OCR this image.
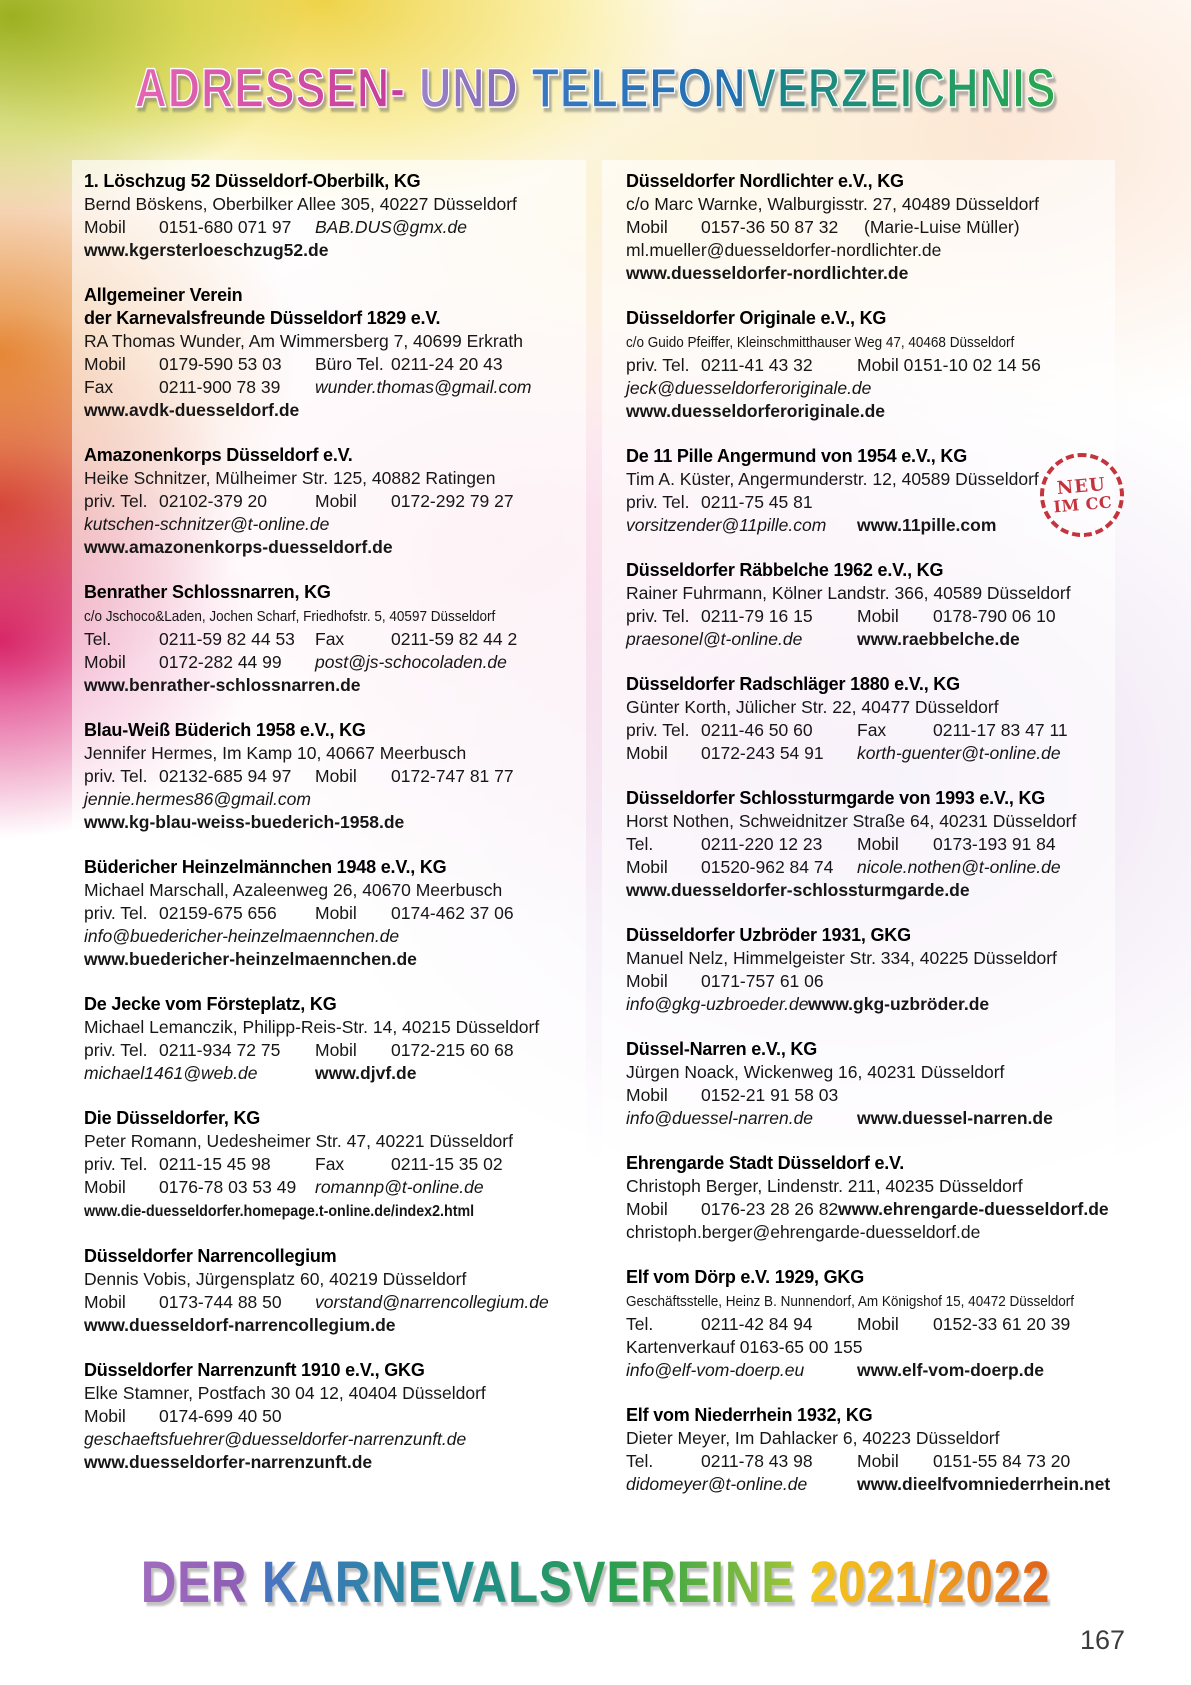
ADRESSEN- UND TELEFONVERZEICHNIS
1. Löschzug 52 Düsseldorf-Oberbilk, KG
Bernd Böskens, Oberbilker Allee 305, 40227 Düsseldorf
Mobil 0151-680 071 97 BAB.DUS@gmx.de
www.kgersterloeschzug52.de
Allgemeiner Verein
der Karnevalsfreunde Düsseldorf 1829 e.V.
RA Thomas Wunder, Am Wimmersberg 7, 40699 Erkrath
Mobil 0179-590 53 03 Büro Tel. 0211-24 20 43
Fax	0211-900 78 39 wunder.thomas@gmail.com
www.avdk-duesseldorf.de
Amazonenkorps Düsseldorf e.V.
Heike Schnitzer, Mülheimer Str. 125, 40882 Ratingen
priv. Tel. 02102-379 20	Mobil 0172-292 79 27
kutschen-schnitzer@t-online.de
www.amazonenkorps-duesseldorf.de
Benrather Schlossnarren, KG
c/o Jschoco&Laden, Jochen Scharf, Friedhofstr. 5, 40597 Düsseldorf
Tel.	0211-59 82 44 53 Fax	0211-59 82 44 2
Mobil 0172-282 44 99 post@js-schocoladen.de
www.benrather-schlossnarren.de
Blau-Weiß Büderich 1958 e.V., KG
Jennifer Hermes, Im Kamp 10, 40667 Meerbusch
priv. Tel. 02132-685 94 97 Mobil 0172-747 81 77
jennie.hermes86@gmail.com
www.kg-blau-weiss-buederich-1958.de
Büdericher Heinzelmännchen 1948 e.V., KG
Michael Marschall, Azaleenweg 26, 40670 Meerbusch
priv. Tel. 02159-675 656 Mobil 0174-462 37 06
info@buedericher-heinzelmaennchen.de
www.buedericher-heinzelmaennchen.de
De Jecke vom Försteplatz, KG
Michael Lemanczik, Philipp-Reis-Str. 14, 40215 Düsseldorf
priv. Tel. 0211-934 72 75 Mobil 0172-215 60 68
michael1461@web.de	www.djvf.de
Die Düsseldorfer, KG
Peter Romann, Uedesheimer Str. 47, 40221 Düsseldorf
priv. Tel. 0211-15 45 98	Fax	0211-15 35 02
Mobil 0176-78 03 53 49 romannp@t-online.de
www.die-duesseldorfer.homepage.t-online.de/index2.html
Düsseldorfer Narrencollegium
Dennis Vobis, Jürgensplatz 60, 40219 Düsseldorf
Mobil 0173-744 88 50 vorstand@narrencollegium.de
www.duesseldorf-narrencollegium.de
Düsseldorfer Narrenzunft 1910 e.V., GKG
Elke Stamner, Postfach 30 04 12, 40404 Düsseldorf
Mobil 0174-699 40 50
geschaeftsfuehrer@duesseldorfer-narrenzunft.de
www.duesseldorfer-narrenzunft.de
NEU
IM CC
Düsseldorfer Nordlichter e.V., KG
c/o Marc Warnke, Walburgisstr. 27, 40489 Düsseldorf
Mobil 0157-36 50 87 32 (Marie-Luise Müller)
ml.mueller@duesseldorfer-nordlichter.de
www.duesseldorfer-nordlichter.de
Düsseldorfer Originale e.V., KG
c/o Guido Pfeiffer, Kleinschmitthauser Weg 47, 40468 Düsseldorf
priv. Tel. 0211-41 43 32	Mobil 0151-10 02 14 56
jeck@duesseldorferoriginale.de
www.duesseldorferoriginale.de
De 11 Pille Angermund von 1954 e.V., KG
Tim A. Küster, Angermunderstr. 12, 40589 Düsseldorf
priv. Tel. 0211-75 45 81
vorsitzender@11pille.com www.11pille.com
Düsseldorfer Räbbelche 1962 e.V., KG
Rainer Fuhrmann, Kölner Landstr. 366, 40589 Düsseldorf
priv. Tel. 0211-79 16 15	Mobil 0178-790 06 10
praesonel@t-online.de	www.raebbelche.de
Düsseldorfer Radschläger 1880 e.V., KG
Günter Korth, Jülicher Str. 22, 40477 Düsseldorf
priv. Tel. 0211-46 50 60	Fax	0211-17 83 47 11
Mobil 0172-243 54 91 korth-guenter@t-online.de
Düsseldorfer Schlossturmgarde von 1993 e.V., KG
Horst Nothen, Schweidnitzer Straße 64, 40231 Düsseldorf
Tel.	0211-220 12 23 Mobil 0173-193 91 84
Mobil 01520-962 84 74 nicole.nothen@t-online.de
www.duesseldorfer-schlossturmgarde.de
Düsseldorfer Uzbröder 1931, GKG
Manuel Nelz, Himmelgeister Str. 334, 40225 Düsseldorf
Mobil 0171-757 61 06
info@gkg-uzbroeder.dewww.gkg-uzbröder.de
Düssel-Narren e.V., KG
Jürgen Noack, Wickenweg 16, 40231 Düsseldorf
Mobil 0152-21 91 58 03
info@duessel-narren.de	www.duessel-narren.de
Ehrengarde Stadt Düsseldorf e.V.
Christoph Berger, Lindenstr. 211, 40235 Düsseldorf
Mobil 0176-23 28 26 82www.ehrengarde-duesseldorf.de
christoph.berger@ehrengarde-duesseldorf.de
Elf vom Dörp e.V. 1929, GKG
Geschäftsstelle, Heinz B. Nunnendorf, Am Königshof 15, 40472 Düsseldorf
Tel.	0211-42 84 94	Mobil 0152-33 61 20 39
Kartenverkauf 0163-65 00 155
info@elf-vom-doerp.eu	www.elf-vom-doerp.de
Elf vom Niederrhein 1932, KG
Dieter Meyer, Im Dahlacker 6, 40223 Düsseldorf
Tel.	0211-78 43 98	Mobil 0151-55 84 73 20
didomeyer@t-online.de	www.dieelfvomniederrhein.net
DER KARNEVALSVEREINE 2021/2022
167
